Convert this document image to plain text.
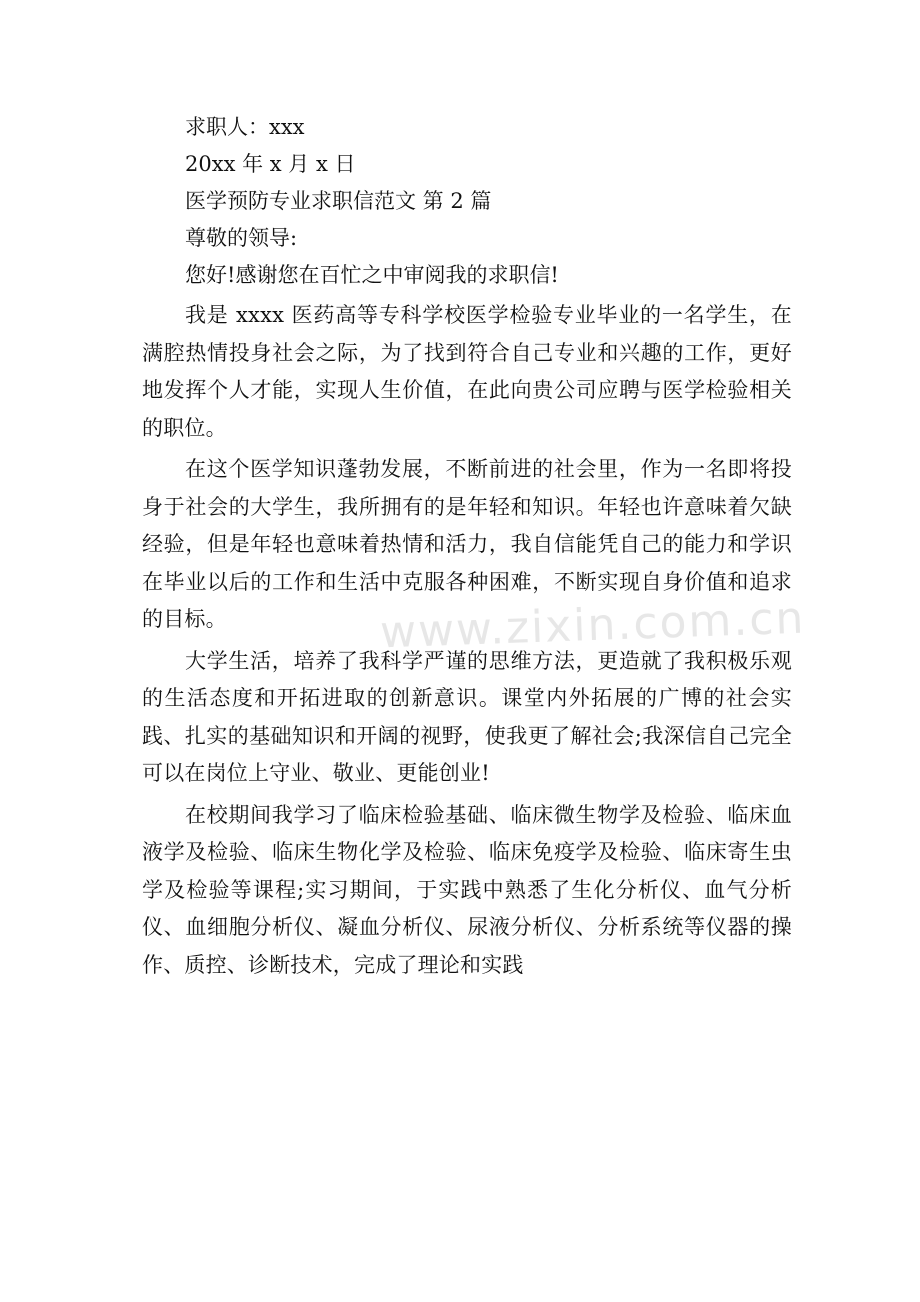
www.zixin.com.cn

求职人：xxx

20xx 年 x 月 x 日

医学预防专业求职信范文 第 2 篇

尊敬的领导:

您好!感谢您在百忙之中审阅我的求职信!

我是 xxxx 医药高等专科学校医学检验专业毕业的一名学生，在满腔热情投身社会之际，为了找到符合自己专业和兴趣的工作，更好地发挥个人才能，实现人生价值，在此向贵公司应聘与医学检验相关的职位。

在这个医学知识蓬勃发展，不断前进的社会里，作为一名即将投身于社会的大学生，我所拥有的是年轻和知识。年轻也许意味着欠缺经验，但是年轻也意味着热情和活力，我自信能凭自己的能力和学识在毕业以后的工作和生活中克服各种困难，不断实现自身价值和追求的目标。

大学生活，培养了我科学严谨的思维方法，更造就了我积极乐观的生活态度和开拓进取的创新意识。课堂内外拓展的广博的社会实践、扎实的基础知识和开阔的视野，使我更了解社会;我深信自己完全可以在岗位上守业、敬业、更能创业!

在校期间我学习了临床检验基础、临床微生物学及检验、临床血液学及检验、临床生物化学及检验、临床免疫学及检验、临床寄生虫学及检验等课程;实习期间，于实践中熟悉了生化分析仪、血气分析仪、血细胞分析仪、凝血分析仪、尿液分析仪、分析系统等仪器的操作、质控、诊断技术，完成了理论和实践
